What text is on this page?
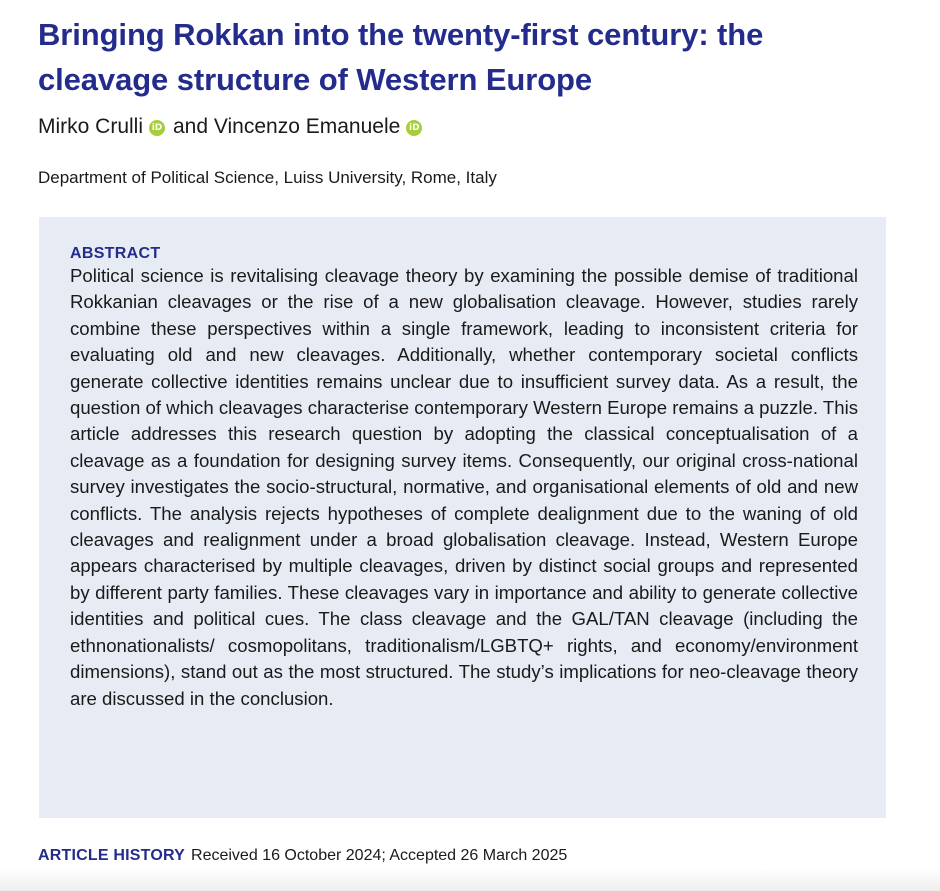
Bringing Rokkan into the twenty-first century: the cleavage structure of Western Europe
Mirko Crulli iD and Vincenzo Emanuele iD
Department of Political Science, Luiss University, Rome, Italy
ABSTRACT

Political science is revitalising cleavage theory by examining the possible demise of traditional Rokkanian cleavages or the rise of a new globalisation cleavage. However, studies rarely combine these perspectives within a single framework, leading to inconsistent criteria for evaluating old and new cleavages. Additionally, whether contemporary societal conflicts generate collective identities remains unclear due to insufficient survey data. As a result, the question of which cleavages characterise contemporary Western Europe remains a puzzle. This article addresses this research question by adopting the classical conceptualisation of a cleavage as a foundation for designing survey items. Consequently, our original cross-national survey investigates the socio-structural, normative, and organisational elements of old and new conflicts. The analysis rejects hypotheses of complete dealignment due to the waning of old cleavages and realignment under a broad globalisation cleavage. Instead, Western Europe appears characterised by multiple cleavages, driven by distinct social groups and represented by different party families. These cleavages vary in importance and ability to generate collective identities and political cues. The class cleavage and the GAL/TAN cleavage (including the ethnonationalists/ cosmopolitans, traditionalism/LGBTQ+ rights, and economy/environment dimensions), stand out as the most structured. The study’s implications for neo-cleavage theory are discussed in the conclusion.

ARTICLE HISTORY Received 16 October 2024; Accepted 26 March 2025
